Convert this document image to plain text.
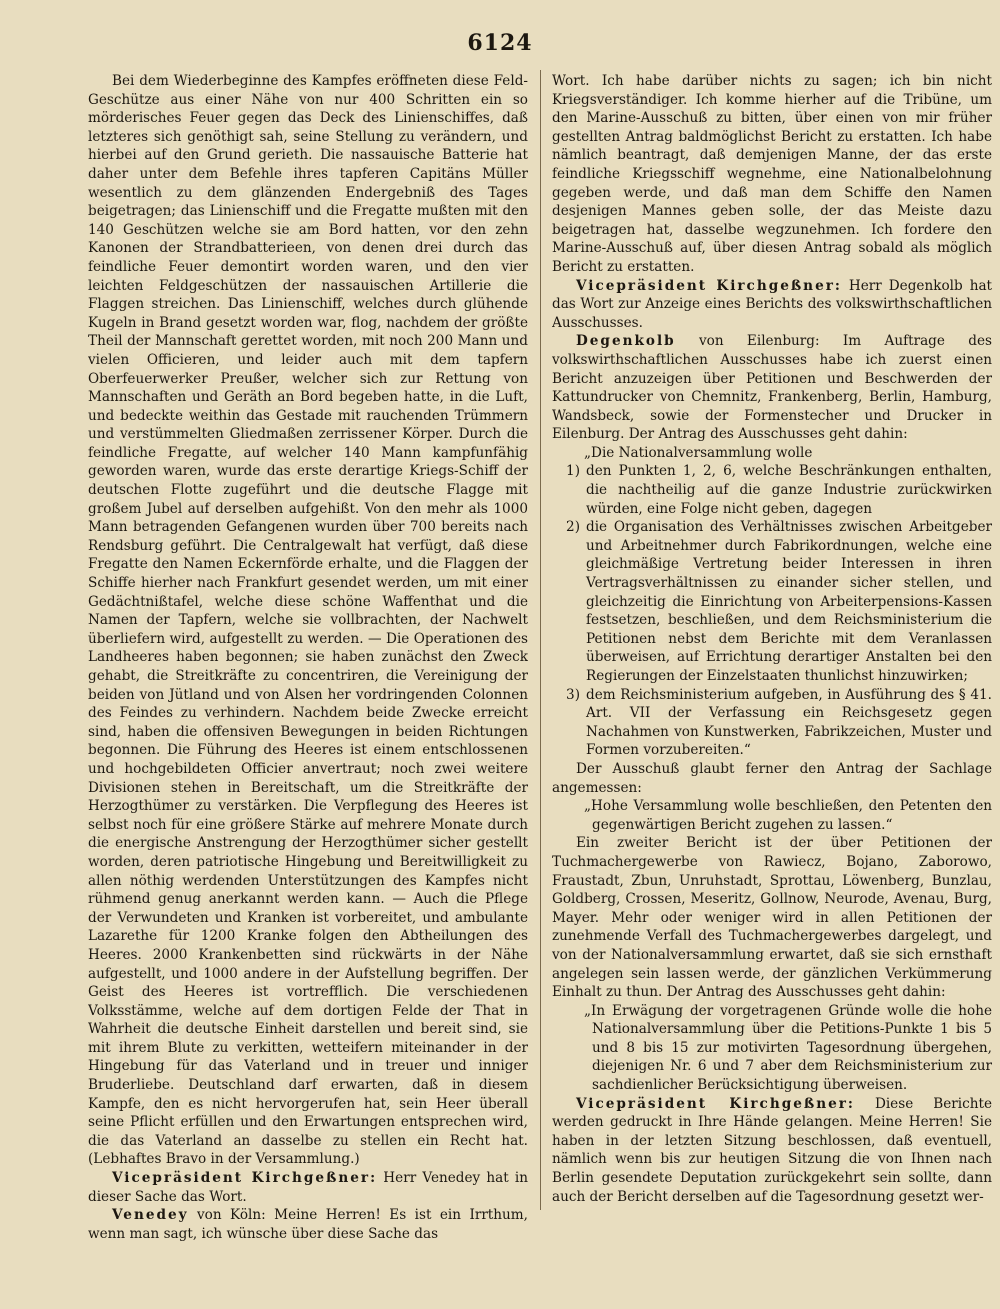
6124

Bei dem Wiederbeginne des Kampfes eröffneten diese Feld-Geschütze aus einer Nähe von nur 400 Schritten ein so mörderisches Feuer gegen das Deck des Linienschiffes, daß letzteres sich genöthigt sah, seine Stellung zu verändern, und hierbei auf den Grund gerieth. Die nassauische Batterie hat daher unter dem Befehle ihres tapferen Capitäns Müller wesentlich zu dem glänzenden Endergebniß des Tages beigetragen; das Linienschiff und die Fregatte mußten mit den 140 Geschützen welche sie am Bord hatten, vor den zehn Kanonen der Strandbatterieen, von denen drei durch das feindliche Feuer demontirt worden waren, und den vier leichten Feldgeschützen der nassauischen Artillerie die Flaggen streichen. Das Linienschiff, welches durch glühende Kugeln in Brand gesetzt worden war, flog, nachdem der größte Theil der Mannschaft gerettet worden, mit noch 200 Mann und vielen Officieren, und leider auch mit dem tapfern Oberfeuerwerker Preußer, welcher sich zur Rettung von Mannschaften und Geräth an Bord begeben hatte, in die Luft, und bedeckte weithin das Gestade mit rauchenden Trümmern und verstümmelten Gliedmaßen zerrissener Körper. Durch die feindliche Fregatte, auf welcher 140 Mann kampfunfähig geworden waren, wurde das erste derartige Kriegs-Schiff der deutschen Flotte zugeführt und die deutsche Flagge mit großem Jubel auf derselben aufgehißt. Von den mehr als 1000 Mann betragenden Gefangenen wurden über 700 bereits nach Rendsburg geführt. Die Centralgewalt hat verfügt, daß diese Fregatte den Namen Eckernförde erhalte, und die Flaggen der Schiffe hierher nach Frankfurt gesendet werden, um mit einer Gedächtnißtafel, welche diese schöne Waffenthat und die Namen der Tapfern, welche sie vollbrachten, der Nachwelt überliefern wird, aufgestellt zu werden. — Die Operationen des Landheeres haben begonnen; sie haben zunächst den Zweck gehabt, die Streitkräfte zu concentriren, die Vereinigung der beiden von Jütland und von Alsen her vordringenden Colonnen des Feindes zu verhindern. Nachdem beide Zwecke erreicht sind, haben die offensiven Bewegungen in beiden Richtungen begonnen. Die Führung des Heeres ist einem entschlossenen und hochgebildeten Officier anvertraut; noch zwei weitere Divisionen stehen in Bereitschaft, um die Streitkräfte der Herzogthümer zu verstärken. Die Verpflegung des Heeres ist selbst noch für eine größere Stärke auf mehrere Monate durch die energische Anstrengung der Herzogthümer sicher gestellt worden, deren patriotische Hingebung und Bereitwilligkeit zu allen nöthig werdenden Unterstützungen des Kampfes nicht rühmend genug anerkannt werden kann. — Auch die Pflege der Verwundeten und Kranken ist vorbereitet, und ambulante Lazarethe für 1200 Kranke folgen den Abtheilungen des Heeres. 2000 Krankenbetten sind rückwärts in der Nähe aufgestellt, und 1000 andere in der Aufstellung begriffen. Der Geist des Heeres ist vortrefflich. Die verschiedenen Volksstämme, welche auf dem dortigen Felde der That in Wahrheit die deutsche Einheit darstellen und bereit sind, sie mit ihrem Blute zu verkitten, wetteifern miteinander in der Hingebung für das Vaterland und in treuer und inniger Bruderliebe. Deutschland darf erwarten, daß in diesem Kampfe, den es nicht hervorgerufen hat, sein Heer überall seine Pflicht erfüllen und den Erwartungen entsprechen wird, die das Vaterland an dasselbe zu stellen ein Recht hat. (Lebhaftes Bravo in der Versammlung.)

Vicepräsident Kirchgeßner: Herr Venedey hat in dieser Sache das Wort.

Venedey von Köln: Meine Herren! Es ist ein Irrthum, wenn man sagt, ich wünsche über diese Sache das

Wort. Ich habe darüber nichts zu sagen; ich bin nicht Kriegsverständiger. Ich komme hierher auf die Tribüne, um den Marine-Ausschuß zu bitten, über einen von mir früher gestellten Antrag baldmöglichst Bericht zu erstatten. Ich habe nämlich beantragt, daß demjenigen Manne, der das erste feindliche Kriegsschiff wegnehme, eine Nationalbelohnung gegeben werde, und daß man dem Schiffe den Namen desjenigen Mannes geben solle, der das Meiste dazu beigetragen hat, dasselbe wegzunehmen. Ich fordere den Marine-Ausschuß auf, über diesen Antrag sobald als möglich Bericht zu erstatten.

Vicepräsident Kirchgeßner: Herr Degenkolb hat das Wort zur Anzeige eines Berichts des volkswirthschaftlichen Ausschusses.

Degenkolb von Eilenburg: Im Auftrage des volkswirthschaftlichen Ausschusses habe ich zuerst einen Bericht anzuzeigen über Petitionen und Beschwerden der Kattundrucker von Chemnitz, Frankenberg, Berlin, Hamburg, Wandsbeck, sowie der Formenstecher und Drucker in Eilenburg. Der Antrag des Ausschusses geht dahin:

„Die Nationalversammlung wolle

1) den Punkten 1, 2, 6, welche Beschränkungen enthalten, die nachtheilig auf die ganze Industrie zurückwirken würden, eine Folge nicht geben, dagegen
2) die Organisation des Verhältnisses zwischen Arbeitgeber und Arbeitnehmer durch Fabrikordnungen, welche eine gleichmäßige Vertretung beider Interessen in ihren Vertragsverhältnissen zu einander sicher stellen, und gleichzeitig die Einrichtung von Arbeiterpensions-Kassen festsetzen, beschließen, und dem Reichsministerium die Petitionen nebst dem Berichte mit dem Veranlassen überweisen, auf Errichtung derartiger Anstalten bei den Regierungen der Einzelstaaten thunlichst hinzuwirken;
3) dem Reichsministerium aufgeben, in Ausführung des § 41. Art. VII der Verfassung ein Reichsgesetz gegen Nachahmen von Kunstwerken, Fabrikzeichen, Muster und Formen vorzubereiten.“

Der Ausschuß glaubt ferner den Antrag der Sachlage angemessen:

„Hohe Versammlung wolle beschließen, den Petenten den gegenwärtigen Bericht zugehen zu lassen.“

Ein zweiter Bericht ist der über Petitionen der Tuchmachergewerbe von Rawiecz, Bojano, Zaborowo, Fraustadt, Zbun, Unruhstadt, Sprottau, Löwenberg, Bunzlau, Goldberg, Crossen, Meseritz, Gollnow, Neurode, Avenau, Burg, Mayer. Mehr oder weniger wird in allen Petitionen der zunehmende Verfall des Tuchmachergewerbes dargelegt, und von der Nationalversammlung erwartet, daß sie sich ernsthaft angelegen sein lassen werde, der gänzlichen Verkümmerung Einhalt zu thun. Der Antrag des Ausschusses geht dahin:

„In Erwägung der vorgetragenen Gründe wolle die hohe Nationalversammlung über die Petitions-Punkte 1 bis 5 und 8 bis 15 zur motivirten Tagesordnung übergehen, diejenigen Nr. 6 und 7 aber dem Reichsministerium zur sachdienlicher Berücksichtigung überweisen.

Vicepräsident Kirchgeßner: Diese Berichte werden gedruckt in Ihre Hände gelangen. Meine Herren! Sie haben in der letzten Sitzung beschlossen, daß eventuell, nämlich wenn bis zur heutigen Sitzung die von Ihnen nach Berlin gesendete Deputation zurückgekehrt sein sollte, dann auch der Bericht derselben auf die Tagesordnung gesetzt wer-
